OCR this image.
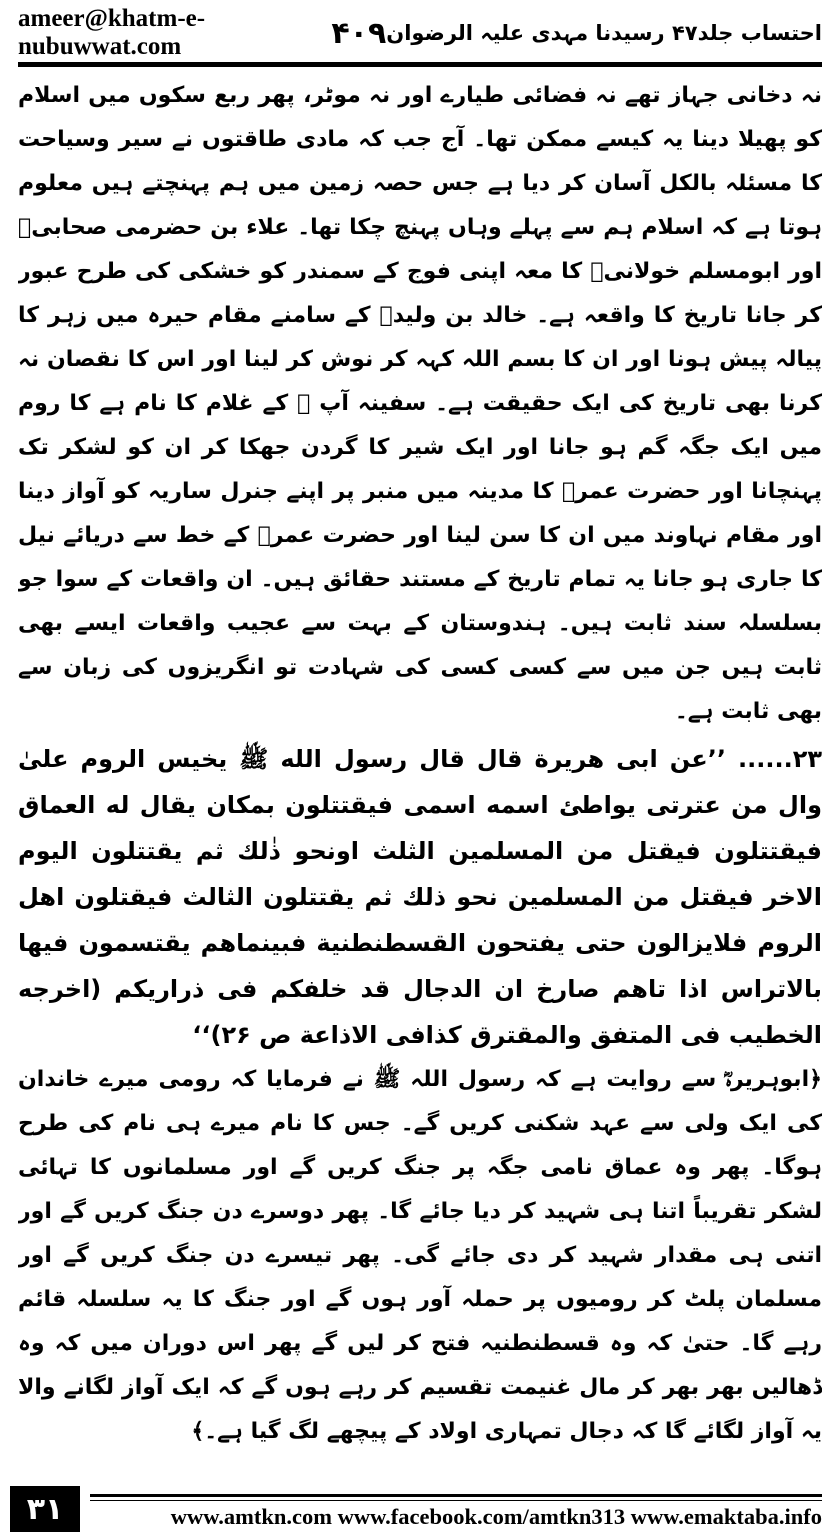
ameer@khatm-e-nubuwwat.com	۴۰۹ احتساب جلد۴۷ رسیدنا مہدی علیہ الرضوان

نہ دخانی جہاز تھے نہ فضائی طیارے اور نہ موٹر، پھر ربع سکوں میں اسلام کو پھیلا دینا یہ کیسے ممکن تھا۔ آج جب کہ مادی طاقتوں نے سیر وسیاحت کا مسئلہ بالکل آسان کر دیا ہے جس حصہ زمین میں ہم پہنچتے ہیں معلوم ہوتا ہے کہ اسلام ہم سے پہلے وہاں پہنچ چکا تھا۔ علاء بن حضرمی صحابیؓ اور ابومسلم خولانیؒ کا معہ اپنی فوج کے سمندر کو خشکی کی طرح عبور کر جانا تاریخ کا واقعہ ہے۔ خالد بن ولیدؓ کے سامنے مقام حیرہ میں زہر کا پیالہ پیش ہونا اور ان کا بسم اللہ کہہ کر نوش کر لینا اور اس کا نقصان نہ کرنا بھی تاریخ کی ایک حقیقت ہے۔ سفینہ آپ ﷺ کے غلام کا نام ہے کا روم میں ایک جگہ گم ہو جانا اور ایک شیر کا گردن جھکا کر ان کو لشکر تک پہنچانا اور حضرت عمرؓ کا مدینہ میں منبر پر اپنے جنرل ساریہ کو آواز دینا اور مقام نہاوند میں ان کا سن لینا اور حضرت عمرؓ کے خط سے دریائے نیل کا جاری ہو جانا یہ تمام تاریخ کے مستند حقائق ہیں۔ ان واقعات کے سوا جو بسلسلہ سند ثابت ہیں۔ ہندوستان کے بہت سے عجیب واقعات ایسے بھی ثابت ہیں جن میں سے کسی کسی کی شہادت تو انگریزوں کی زبان سے بھی ثابت ہے۔

۲۳...... ’’عن ابی هريرة قال قال رسول الله ﷺ يخيس الروم علىٰ وال من عترتی يواطئ اسمه اسمی فيقتتلون بمكان يقال له العماق فيقتتلون فيقتل من المسلمين الثلث اونحو ذٰلك ثم يقتتلون اليوم الاخر فيقتل من المسلمين نحو ذلك ثم يقتتلون الثالث فيقتلون اهل الروم فلايزالون حتى يفتحون القسطنطنية فبينماهم يقتسمون فيها بالاتراس اذا تاهم صارخ ان الدجال قد خلفكم فی ذراريكم (اخرجه الخطيب فی المتفق والمقترق كذافی الاذاعة ص ۲۶)‘‘

﴿ابوہریرہؓ سے روایت ہے کہ رسول اللہ ﷺ نے فرمایا کہ رومی میرے خاندان کی ایک ولی سے عہد شکنی کریں گے۔ جس کا نام میرے ہی نام کی طرح ہوگا۔ پھر وہ عماق نامی جگہ پر جنگ کریں گے اور مسلمانوں کا تہائی لشکر تقریباً اتنا ہی شہید کر دیا جائے گا۔ پھر دوسرے دن جنگ کریں گے اور اتنی ہی مقدار شہید کر دی جائے گی۔ پھر تیسرے دن جنگ کریں گے اور مسلمان پلٹ کر رومیوں پر حملہ آور ہوں گے اور جنگ کا یہ سلسلہ قائم رہے گا۔ حتیٰ کہ وہ قسطنطنیہ فتح کر لیں گے پھر اس دوران میں کہ وہ ڈھالیں بھر بھر کر مال غنیمت تقسیم کر رہے ہوں گے کہ ایک آواز لگانے والا یہ آواز لگائے گا کہ دجال تمہاری اولاد کے پیچھے لگ گیا ہے۔﴾

۳۱	www.amtkn.com www.facebook.com/amtkn313 www.emaktaba.info
